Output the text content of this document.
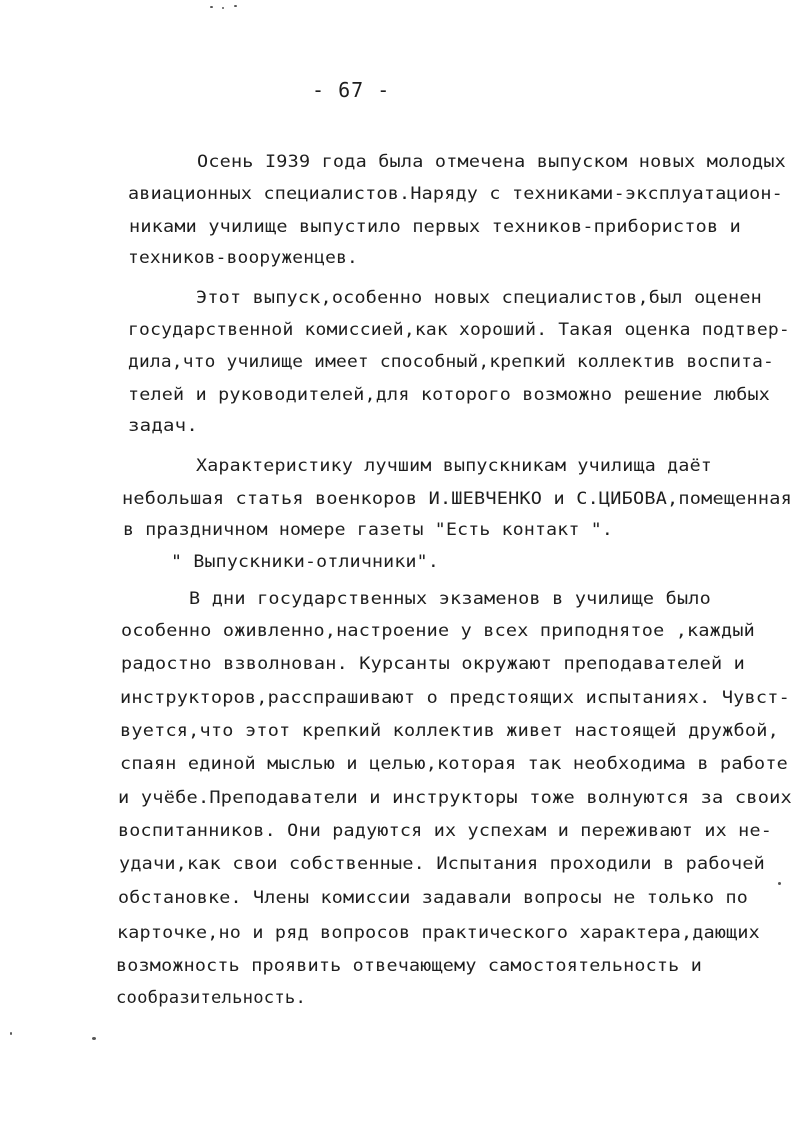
- 67 -
Осень I939 года была отмечена выпуском новых молодых
авиационных специалистов.Наряду с техниками-эксплуатацион-
никами училище выпустило первых техников-прибористов и
техников-вооруженцев.
Этот выпуск,особенно новых специалистов,был оценен
государственной комиссией,как хороший. Такая оценка подтвер-
дила,что училище имеет способный,крепкий коллектив воспита-
телей и руководителей,для которого возможно решение любых
задач.
Характеристику лучшим выпускникам училища даёт
небольшая статья военкоров И.ШЕВЧЕНКО и С.ЦИБОВА,помещенная
в праздничном номере газеты "Есть контакт ".
" Выпускники-отличники".
В дни государственных экзаменов в училище было
особенно оживленно,настроение у всех приподнятое ,каждый
радостно взволнован. Курсанты окружают преподавателей и
инструкторов,расспрашивают о предстоящих испытаниях. Чувст-
вуется,что этот крепкий коллектив живет настоящей дружбой,
спаян единой мыслью и целью,которая так необходима в работе
и учёбе.Преподаватели и инструкторы тоже волнуются за своих
воспитанников. Они радуются их успехам и переживают их не-
удачи,как свои собственные. Испытания проходили в рабочей
обстановке. Члены комиссии задавали вопросы не только по
карточке,но и ряд вопросов практического характера,дающих
возможность проявить отвечающему самостоятельность и
сообразительность.
